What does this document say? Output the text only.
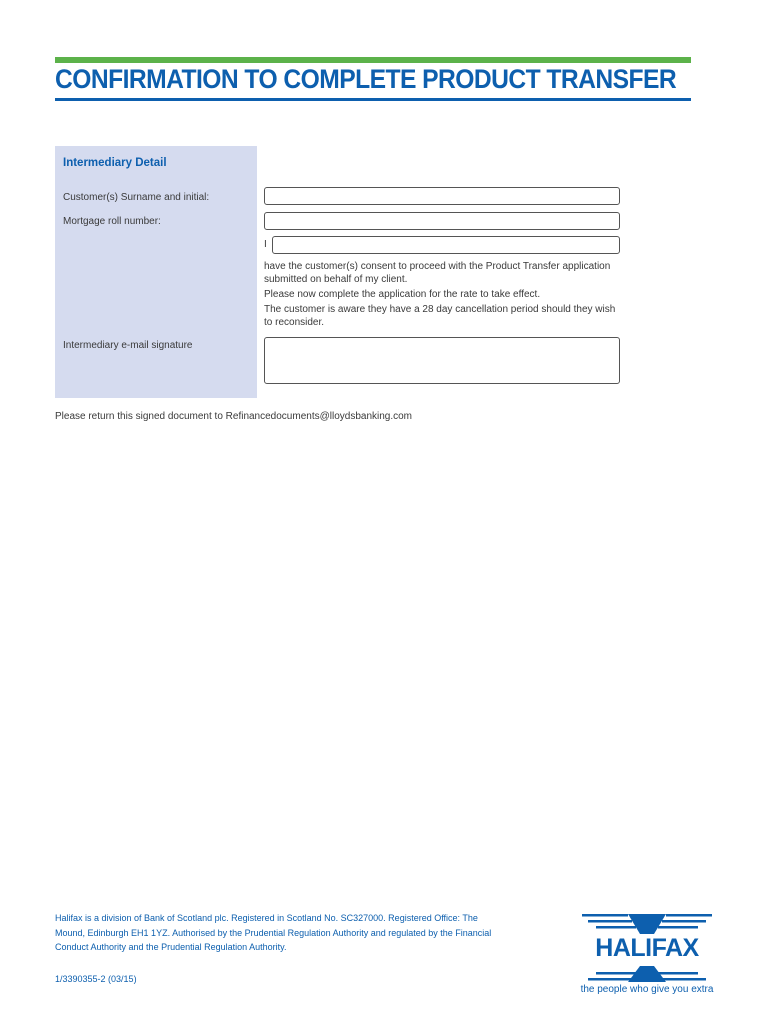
CONFIRMATION TO COMPLETE PRODUCT TRANSFER
Intermediary Detail
Customer(s) Surname and initial:
Mortgage roll number:
I

have the customer(s) consent to proceed with the Product Transfer application submitted on behalf of my client.

Please now complete the application for the rate to take effect.

The customer is aware they have a 28 day cancellation period should they wish to reconsider.

Intermediary e-mail signature
Please return this signed document to Refinancedocuments@lloydsbanking.com

Halifax is a division of Bank of Scotland plc. Registered in Scotland No. SC327000. Registered Office: The Mound, Edinburgh EH1 1YZ. Authorised by the Prudential Regulation Authority and regulated by the Financial Conduct Authority and the Prudential Regulation Authority.

1/3390355-2 (03/15)
HALIFAX
the people who give you extra
